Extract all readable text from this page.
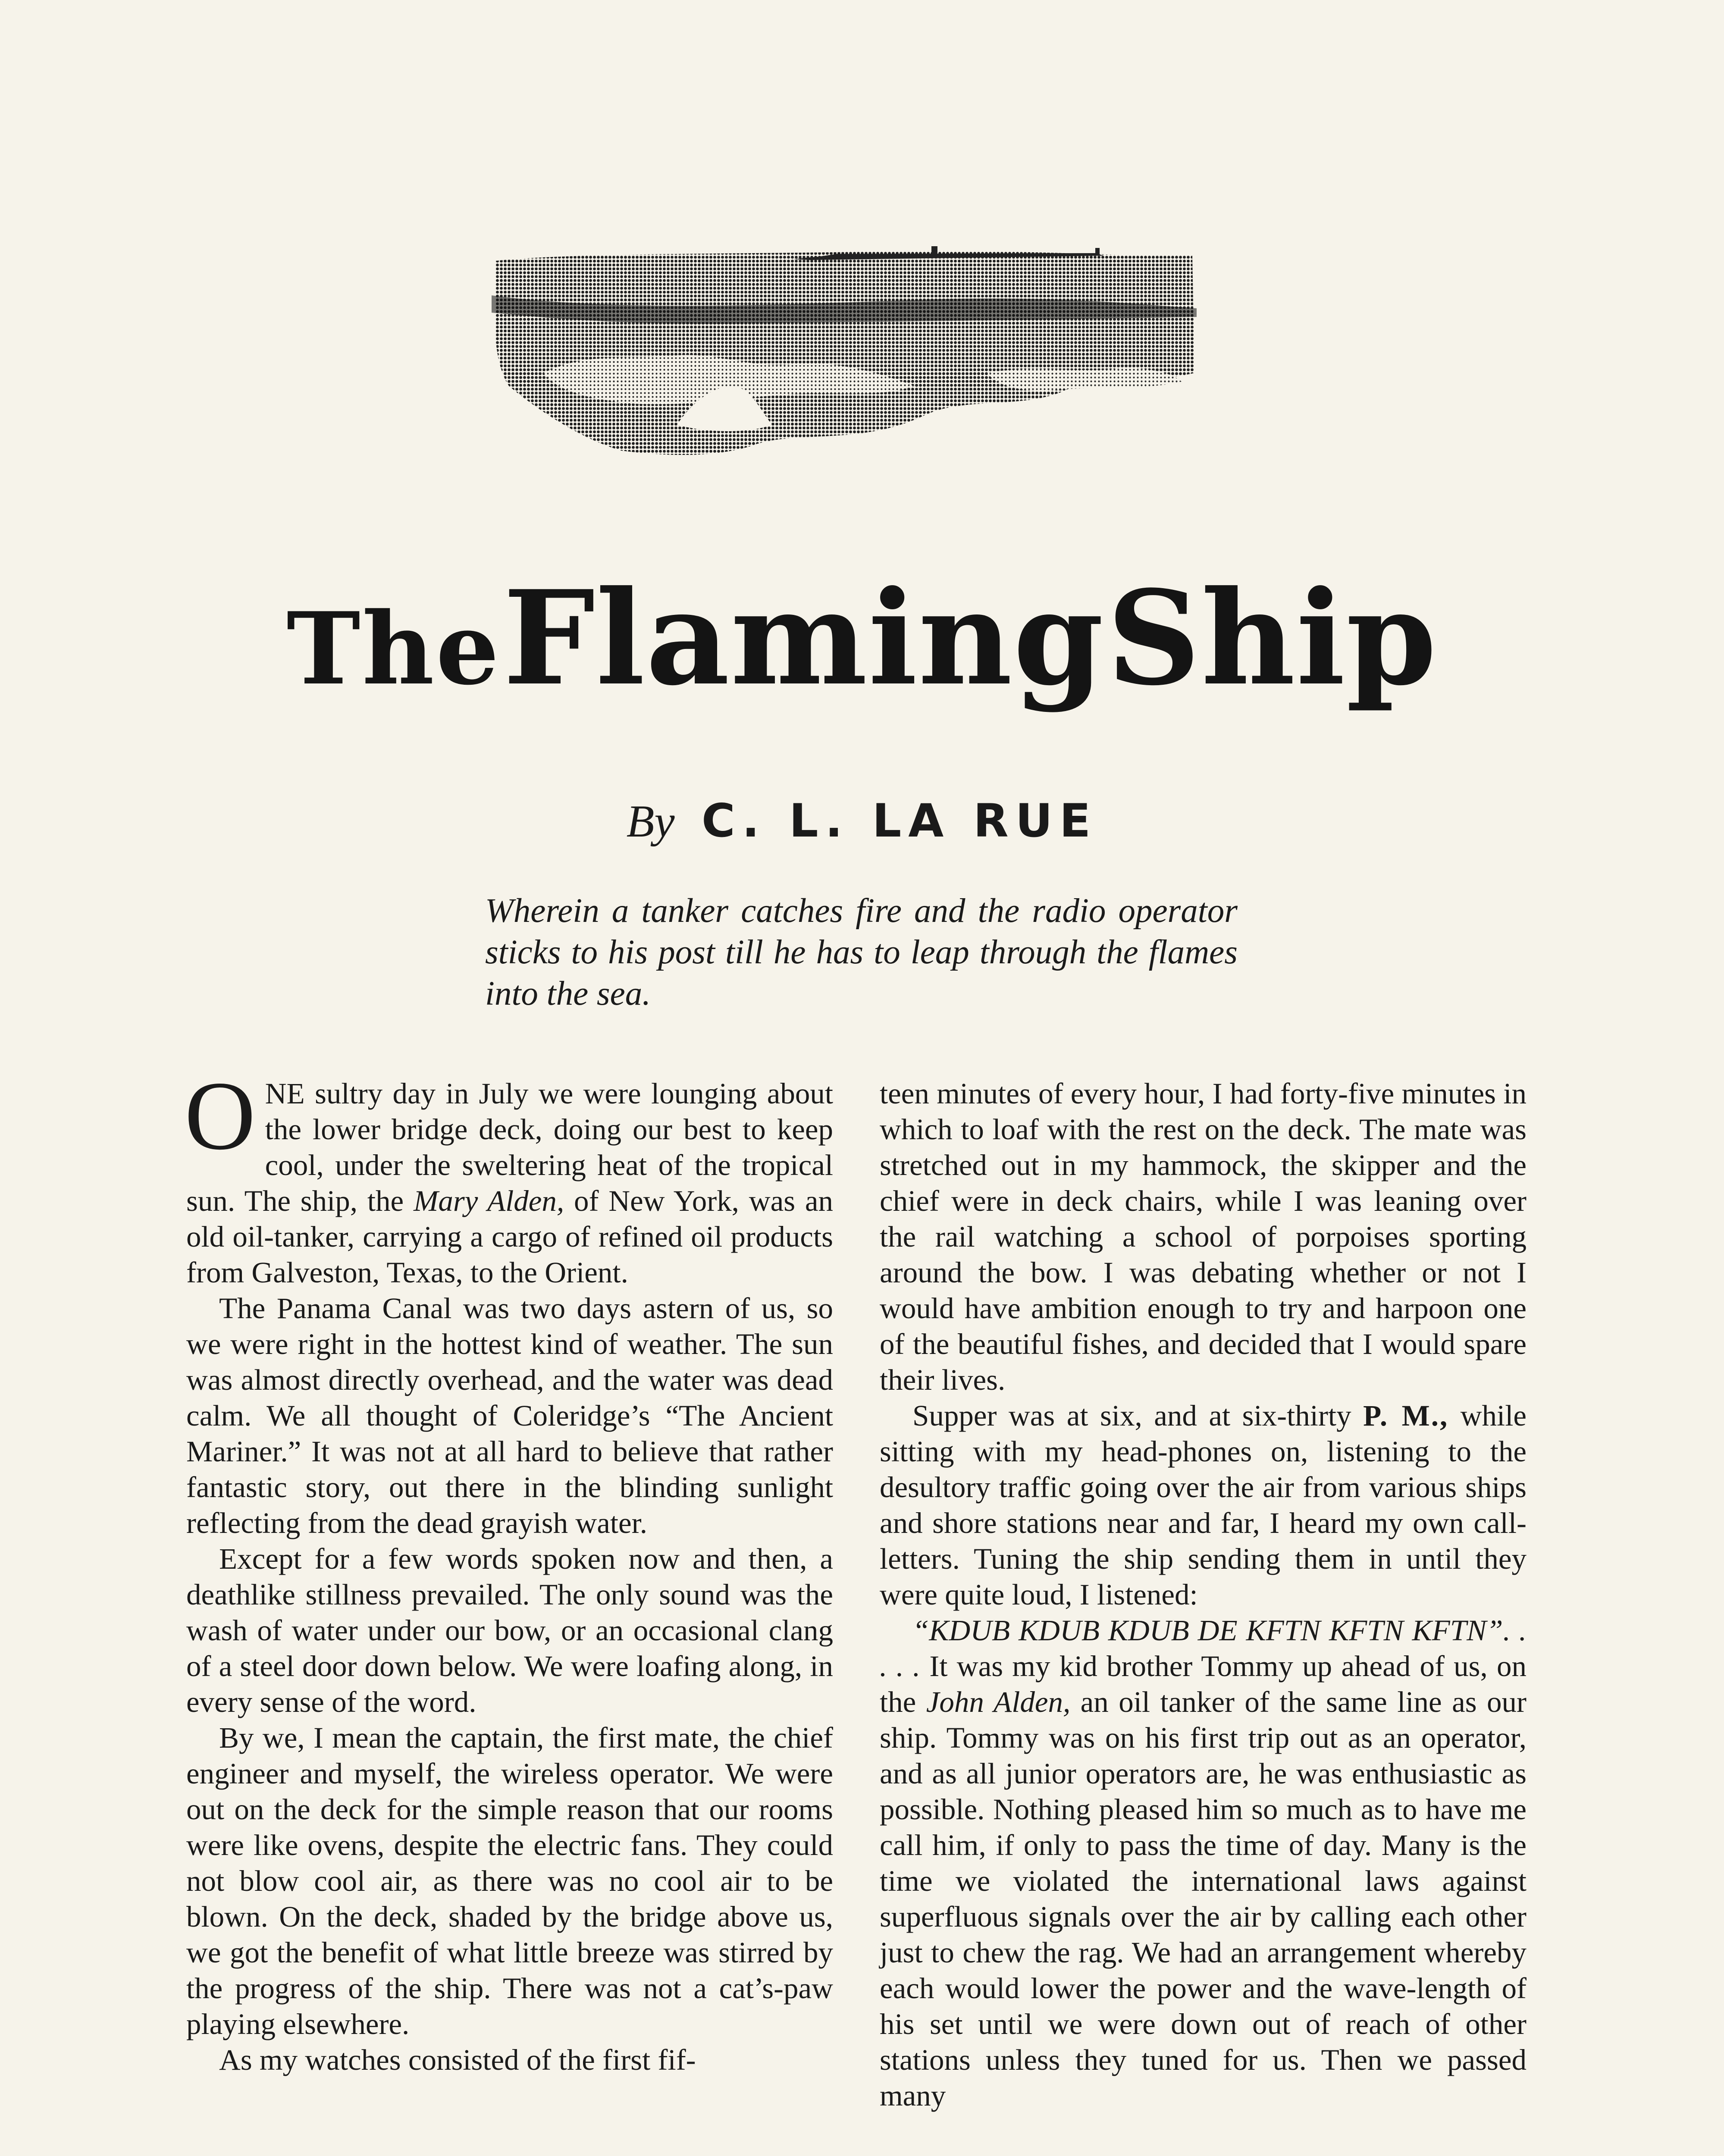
The Flaming Ship
By C. L. LA RUE
Wherein a tanker catches fire and the radio operator sticks to his post till he has to leap through the flames into the sea.

ONE sultry day in July we were lounging about the lower bridge deck, doing our best to keep cool, under the sweltering heat of the tropical sun. The ship, the Mary Alden, of New York, was an old oil-tanker, carrying a cargo of refined oil products from Galveston, Texas, to the Orient.

The Panama Canal was two days astern of us, so we were right in the hottest kind of weather. The sun was almost directly overhead, and the water was dead calm. We all thought of Coleridge’s “The Ancient Mariner.” It was not at all hard to believe that rather fantastic story, out there in the blinding sunlight reflecting from the dead grayish water.

Except for a few words spoken now and then, a deathlike stillness prevailed. The only sound was the wash of water under our bow, or an occasional clang of a steel door down below. We were loafing along, in every sense of the word.

By we, I mean the captain, the first mate, the chief engineer and myself, the wireless operator. We were out on the deck for the simple reason that our rooms were like ovens, despite the electric fans. They could not blow cool air, as there was no cool air to be blown. On the deck, shaded by the bridge above us, we got the benefit of what little breeze was stirred by the progress of the ship. There was not a cat’s-paw playing elsewhere.

As my watches consisted of the first fif-

teen minutes of every hour, I had forty-five minutes in which to loaf with the rest on the deck. The mate was stretched out in my hammock, the skipper and the chief were in deck chairs, while I was leaning over the rail watching a school of porpoises sporting around the bow. I was debating whether or not I would have ambition enough to try and harpoon one of the beautiful fishes, and decided that I would spare their lives.

Supper was at six, and at six-thirty P. M., while sitting with my head-phones on, listening to the desultory traffic going over the air from various ships and shore stations near and far, I heard my own call-letters. Tuning the ship sending them in until they were quite loud, I listened:

“KDUB KDUB KDUB DE KFTN KFTN KFTN”. . . . . It was my kid brother Tommy up ahead of us, on the John Alden, an oil tanker of the same line as our ship. Tommy was on his first trip out as an operator, and as all junior operators are, he was enthusiastic as possible. Nothing pleased him so much as to have me call him, if only to pass the time of day. Many is the time we violated the international laws against superfluous signals over the air by calling each other just to chew the rag. We had an arrangement whereby each would lower the power and the wave-length of his set until we were down out of reach of other stations unless they tuned for us. Then we passed many
